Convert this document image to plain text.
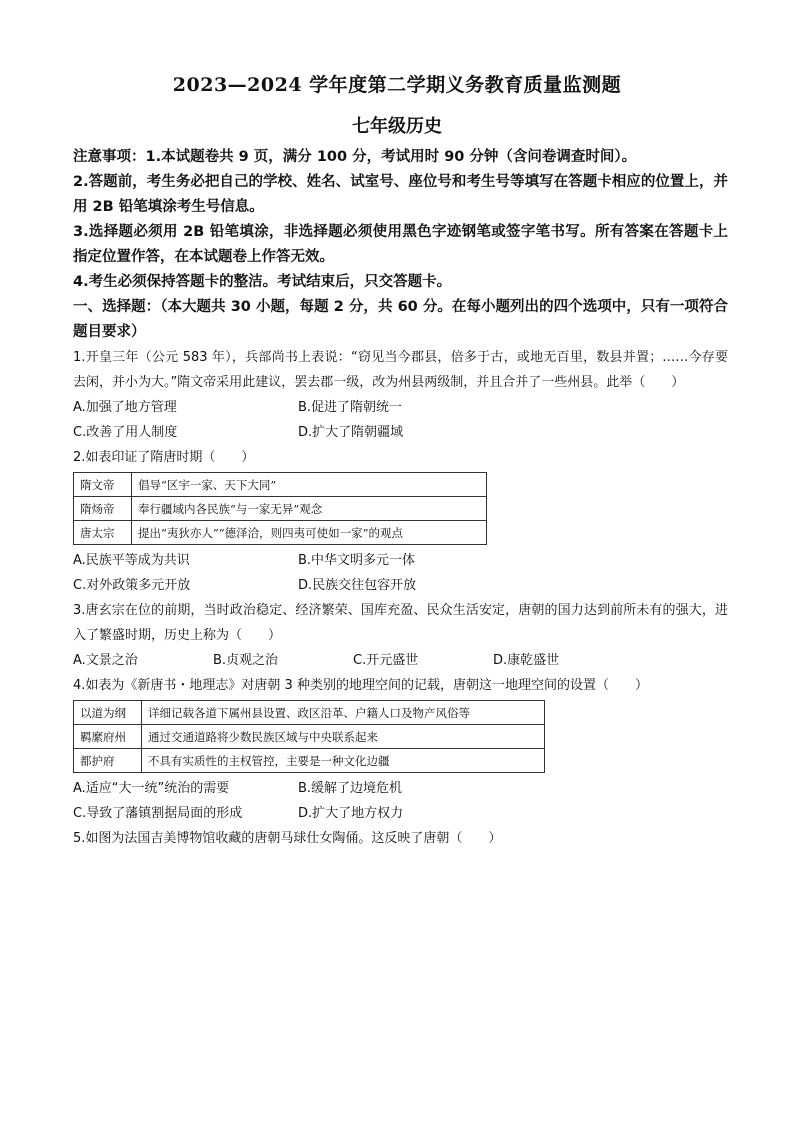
2023—2024 学年度第二学期义务教育质量监测题
七年级历史
注意事项：1.本试题卷共 9 页，满分 100 分，考试用时 90 分钟（含问卷调查时间）。
2.答题前，考生务必把自己的学校、姓名、试室号、座位号和考生号等填写在答题卡相应的位置上，并用 2B 铅笔填涂考生号信息。
3.选择题必须用 2B 铅笔填涂，非选择题必须使用黑色字迹钢笔或签字笔书写。所有答案在答题卡上指定位置作答，在本试题卷上作答无效。
4.考生必须保持答题卡的整洁。考试结束后，只交答题卡。
一、选择题：（本大题共 30 小题，每题 2 分，共 60 分。在每小题列出的四个选项中，只有一项符合题目要求）
1.开皇三年（公元 583 年），兵部尚书上表说：“窃见当今郡县，倍多于古，或地无百里，数县并置；……今存要去闲，并小为大。”隋文帝采用此建议，罢去郡一级，改为州县两级制，并且合并了一些州县。此举（　　）
A.加强了地方管理	B.促进了隋朝统一
C.改善了用人制度	D.扩大了隋朝疆域
2.如表印证了隋唐时期（　　）
隋文帝	倡导“区宇一家、天下大同”
隋炀帝	奉行疆域内各民族“与一家无异”观念
唐太宗	提出“夷狄亦人”“德泽洽，则四夷可使如一家”的观点
A.民族平等成为共识	B.中华文明多元一体
C.对外政策多元开放	D.民族交往包容开放
3.唐玄宗在位的前期，当时政治稳定、经济繁荣、国库充盈、民众生活安定，唐朝的国力达到前所未有的强大，进入了繁盛时期，历史上称为（　　）
A.文景之治	B.贞观之治	C.开元盛世	D.康乾盛世
4.如表为《新唐书・地理志》对唐朝 3 种类别的地理空间的记载，唐朝这一地理空间的设置（　　）
以道为纲	详细记载各道下属州县设置、政区沿革、户籍人口及物产风俗等
羁縻府州	通过交通道路将少数民族区域与中央联系起来
都护府	不具有实质性的主权管控，主要是一种文化边疆
A.适应“大一统”统治的需要	B.缓解了边境危机
C.导致了藩镇割据局面的形成	D.扩大了地方权力
5.如图为法国吉美博物馆收藏的唐朝马球仕女陶俑。这反映了唐朝（　　）
